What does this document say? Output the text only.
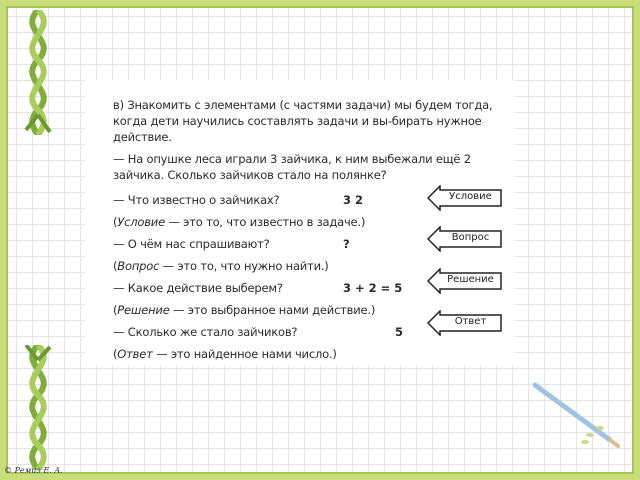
в) Знакомить с элементами (с частями задачи) мы будем тогда, когда дети научились составлять задачи и вы-бирать нужное действие.

— На опушке леса играли 3 зайчика, к ним выбежали ещё 2 зайчика. Сколько зайчиков стало на полянке?

— Что известно о зайчиках?	3 2
(Условие — это то, что известно в задаче.)
— О чём нас спрашивают?	?
(Вопрос — это то, что нужно найти.)
— Какое действие выберем?	3 + 2 = 5
(Решение — это выбранное нами действие.)
— Сколько же стало зайчиков?	5
(Ответ — это найденное нами число.)
Условие
Вопрос
Решение
Ответ
© Ремиз Е. А.
